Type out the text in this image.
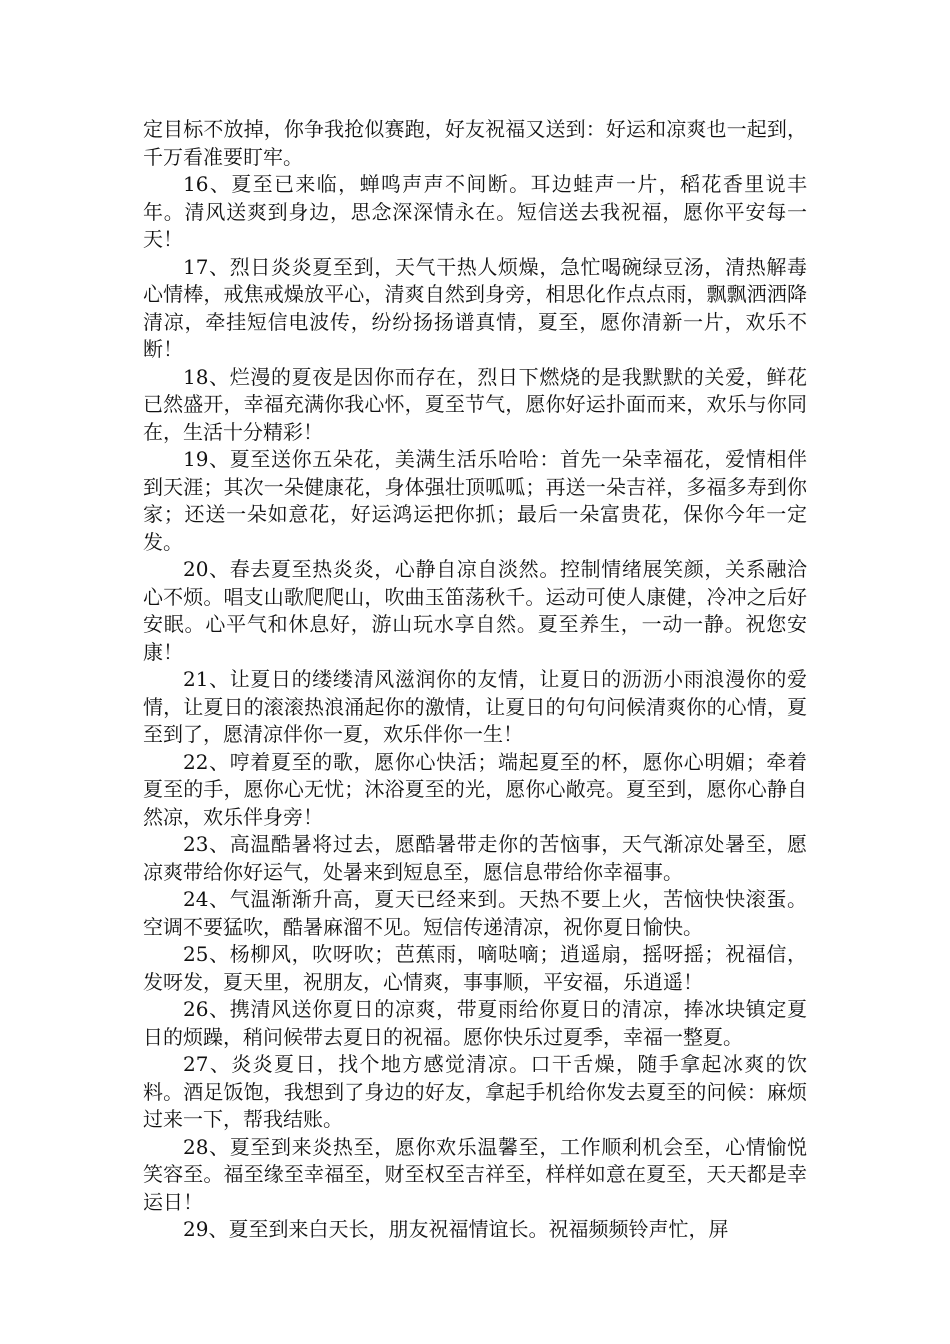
定目标不放掉，你争我抢似赛跑，好友祝福又送到：好运和凉爽也一起到，千万看准要盯牢。

16、夏至已来临，蝉鸣声声不间断。耳边蛙声一片，稻花香里说丰年。清风送爽到身边，思念深深情永在。短信送去我祝福，愿你平安每一天！

17、烈日炎炎夏至到，天气干热人烦燥，急忙喝碗绿豆汤，清热解毒心情棒，戒焦戒燥放平心，清爽自然到身旁，相思化作点点雨，飘飘洒洒降清凉，牵挂短信电波传，纷纷扬扬谱真情，夏至，愿你清新一片，欢乐不断！

18、烂漫的夏夜是因你而存在，烈日下燃烧的是我默默的关爱，鲜花已然盛开，幸福充满你我心怀，夏至节气，愿你好运扑面而来，欢乐与你同在，生活十分精彩！

19、夏至送你五朵花，美满生活乐哈哈：首先一朵幸福花，爱情相伴到天涯；其次一朵健康花，身体强壮顶呱呱；再送一朵吉祥，多福多寿到你家；还送一朵如意花，好运鸿运把你抓；最后一朵富贵花，保你今年一定发。

20、春去夏至热炎炎，心静自凉自淡然。控制情绪展笑颜，关系融洽心不烦。唱支山歌爬爬山，吹曲玉笛荡秋千。运动可使人康健，冷冲之后好安眠。心平气和休息好，游山玩水享自然。夏至养生，一动一静。祝您安康！

21、让夏日的缕缕清风滋润你的友情，让夏日的沥沥小雨浪漫你的爱情，让夏日的滚滚热浪涌起你的激情，让夏日的句句问候清爽你的心情，夏至到了，愿清凉伴你一夏，欢乐伴你一生！

22、哼着夏至的歌，愿你心快活；端起夏至的杯，愿你心明媚；牵着夏至的手，愿你心无忧；沐浴夏至的光，愿你心敞亮。夏至到，愿你心静自然凉，欢乐伴身旁！

23、高温酷暑将过去，愿酷暑带走你的苦恼事，天气渐凉处暑至，愿凉爽带给你好运气，处暑来到短息至，愿信息带给你幸福事。

24、气温渐渐升高，夏天已经来到。天热不要上火，苦恼快快滚蛋。空调不要猛吹，酷暑麻溜不见。短信传递清凉，祝你夏日愉快。

25、杨柳风，吹呀吹；芭蕉雨，嘀哒嘀；逍遥扇，摇呀摇；祝福信，发呀发，夏天里，祝朋友，心情爽，事事顺，平安福，乐逍遥！

26、携清风送你夏日的凉爽，带夏雨给你夏日的清凉，捧冰块镇定夏日的烦躁，稍问候带去夏日的祝福。愿你快乐过夏季，幸福一整夏。

27、炎炎夏日，找个地方感觉清凉。口干舌燥，随手拿起冰爽的饮料。酒足饭饱，我想到了身边的好友，拿起手机给你发去夏至的问候：麻烦过来一下，帮我结账。

28、夏至到来炎热至，愿你欢乐温馨至，工作顺利机会至，心情愉悦笑容至。福至缘至幸福至，财至权至吉祥至，样样如意在夏至，天天都是幸运日！

29、夏至到来白天长，朋友祝福情谊长。祝福频频铃声忙，屏
